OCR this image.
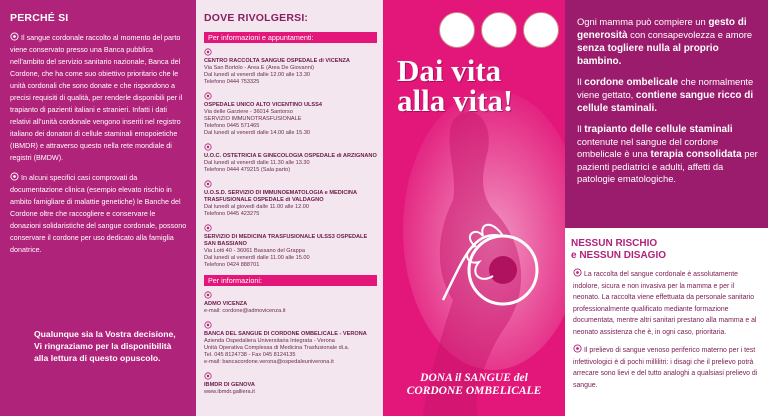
PERCHÉ SI

Il sangue cordonale raccolto al momento del parto viene conservato presso una Banca pubblica nell’ambito del servizio sanitario nazionale, Banca del Cordone, che ha come suo obiettivo prioritario che le unità cordonali che sono donate e che rispondono a precisi requisiti di qualità, per renderle disponibili per il trapianto di pazienti italiani e stranieri. Infatti i dati relativi all’unità cordonale vengono inseriti nel registro italiano dei donatori di cellule staminali emopoietiche (IBMDR) e attraverso questo nella rete mondiale di registri (BMDW).

In alcuni specifici casi comprovati da documentazione clinica (esempio elevato rischio in ambito famigliare di malattie genetiche) le Banche del Cordone oltre che raccogliere e conservare le donazioni solidaristiche del sangue cordonale, possono conservare il cordone per uso dedicato alla famiglia donatrice.

Qualunque sia la Vostra decisione, Vi ringraziamo per la disponibilità alla lettura di questo opuscolo.
DOVE RIVOLGERSI:
Per informazioni e appuntamenti:
CENTRO RACCOLTA SANGUE OSPEDALE di VICENZA
Via San Bortolo - Area E (Area De Giovanni)
Dal lunedì al venerdì dalle 12.00 alle 13.30
Telefono 0444 753325
OSPEDALE UNICO ALTO VICENTINO ULSS4
Via delle Garziere - 36014 Santorso
SERVIZIO IMMUNOTRASFUSIONALE
Telefono 0445 571465
Dal lunedì al venerdì dalle 14.00 alle 15.30
U.O.C. OSTETRICIA E GINECOLOGIA OSPEDALE di ARZIGNANO
Dal lunedì al venerdì dalle 11.30 alle 13.30
Telefono 0444 479215 (Sala parto)
U.O.S.D. SERVIZIO DI IMMUNOEMATOLOGIA e MEDICINA TRASFUSIONALE OSPEDALE di VALDAGNO
Dal lunedì al giovedì dalle 11.00 alle 12.00
Telefono 0445 423275
SERVIZIO DI MEDICINA TRASFUSIONALE ULSS3 OSPEDALE SAN BASSIANO
Via Lotti 40 - 36061 Bassano del Grappa
Dal lunedì al venerdì dalle 11.00 alle 15.00
Telefono 0424 888701
Per informazioni:
ADMO VICENZA
e-mail: cordone@admovicenza.it
BANCA DEL SANGUE DI CORDONE OMBELICALE - VERONA
Azienda Ospedaliera Universitaria Integrata - Verona
Unità Operativa Complessa di Medicina Trasfusionale di.a.
Tel. 045 8124738 - Fax 045 8124135
e-mail: bancacordone.verona@ospedaleuniverona.it
IBMDR DI GENOVA
www.ibmdr.galliera.it
Dai vita
alla vita!
DONA il SANGUE del
CORDONE OMBELICALE

Ogni mamma può compiere un gesto di generosità con consapevolezza e amore senza togliere nulla al proprio bambino.

Il cordone ombelicale che normalmente viene gettato, contiene sangue ricco di cellule staminali.

Il trapianto delle cellule staminali contenute nel sangue del cordone ombelicale è una terapia consolidata per pazienti pediatrici e adulti, affetti da patologie ematologiche.

NESSUN RISCHIO
e NESSUN DISAGIO

La raccolta del sangue cordonale è assolutamente indolore, sicura e non invasiva per la mamma e per il neonato. La raccolta viene effettuata da personale sanitario professionalmente qualificato mediante formazione documentata, mentre altri sanitari prestano alla mamma e al neonato assistenza che è, in ogni caso, prioritaria.

Il prelievo di sangue venoso periferico materno per i test infettivologici è di pochi millilitri: i disagi che il prelievo potrà arrecare sono lievi e del tutto analoghi a qualsiasi prelievo di sangue.
